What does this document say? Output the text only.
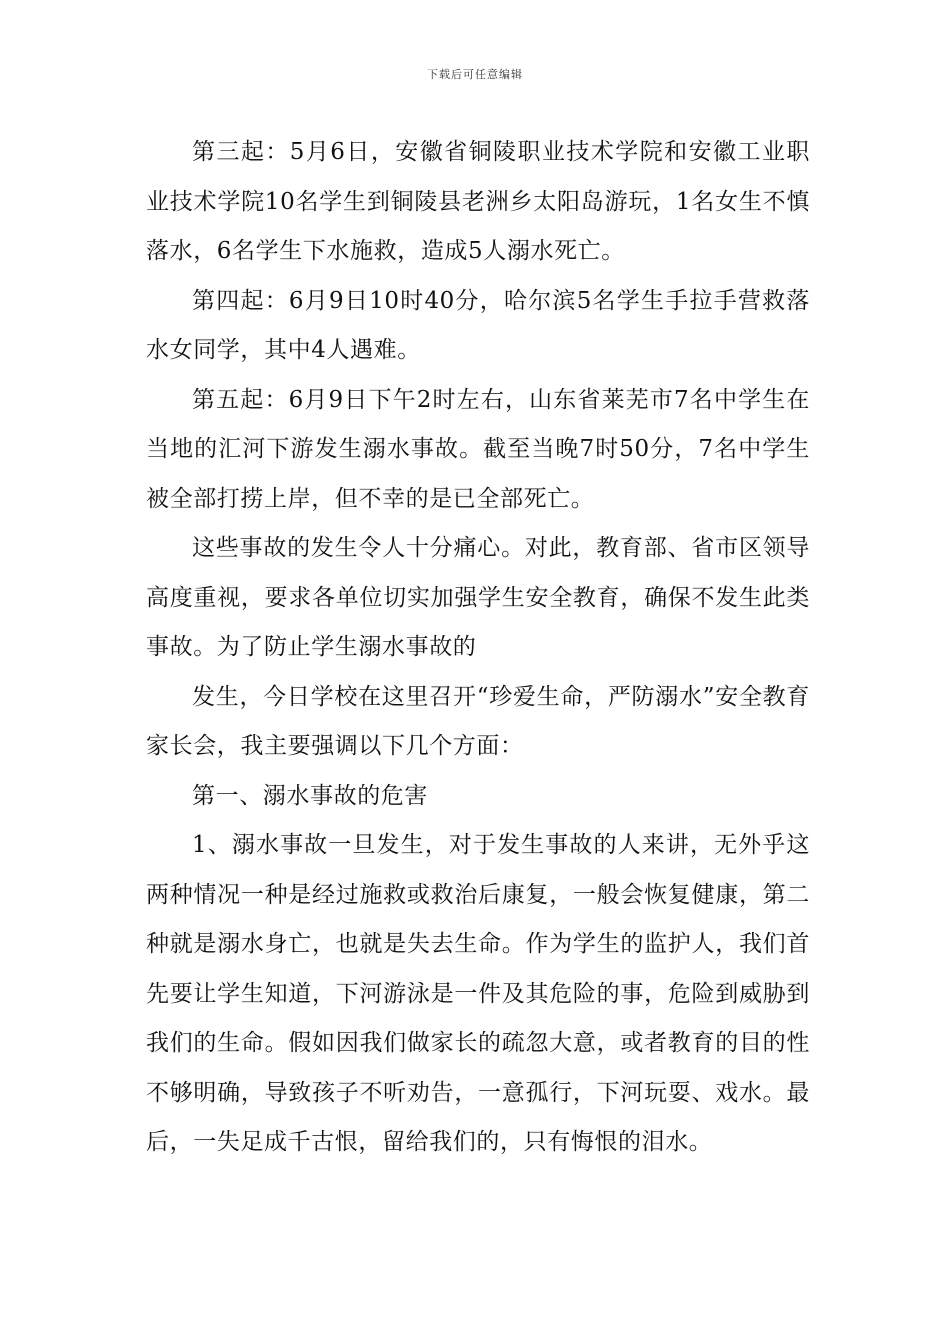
下载后可任意编辑

第三起：5月6日，安徽省铜陵职业技术学院和安徽工业职业技术学院10名学生到铜陵县老洲乡太阳岛游玩，1名女生不慎落水，6名学生下水施救，造成5人溺水死亡。

第四起：6月9日10时40分，哈尔滨5名学生手拉手营救落水女同学，其中4人遇难。

第五起：6月9日下午2时左右，山东省莱芜市7名中学生在当地的汇河下游发生溺水事故。截至当晚7时50分，7名中学生被全部打捞上岸，但不幸的是已全部死亡。

这些事故的发生令人十分痛心。对此，教育部、省市区领导高度重视，要求各单位切实加强学生安全教育，确保不发生此类事故。为了防止学生溺水事故的

发生，今日学校在这里召开“珍爱生命，严防溺水”安全教育家长会，我主要强调以下几个方面：

第一、溺水事故的危害

1、溺水事故一旦发生，对于发生事故的人来讲，无外乎这两种情况一种是经过施救或救治后康复，一般会恢复健康，第二种就是溺水身亡，也就是失去生命。作为学生的监护人，我们首先要让学生知道，下河游泳是一件及其危险的事，危险到威胁到我们的生命。假如因我们做家长的疏忽大意，或者教育的目的性不够明确，导致孩子不听劝告，一意孤行，下河玩耍、戏水。最后，一失足成千古恨，留给我们的，只有悔恨的泪水。
